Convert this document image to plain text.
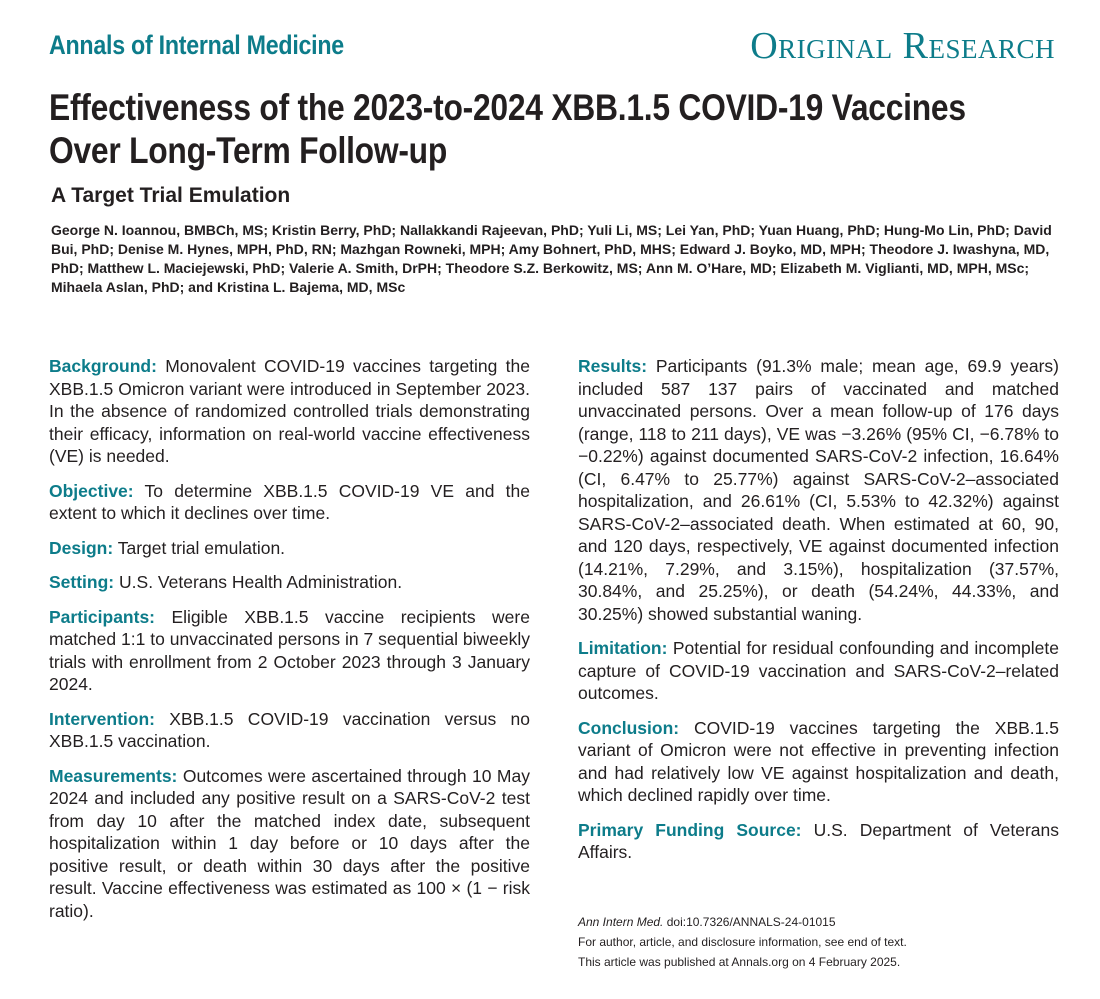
Annals of Internal Medicine	Original Research
Effectiveness of the 2023-to-2024 XBB.1.5 COVID-19 Vaccines Over Long-Term Follow-up
A Target Trial Emulation
George N. Ioannou, BMBCh, MS; Kristin Berry, PhD; Nallakkandi Rajeevan, PhD; Yuli Li, MS; Lei Yan, PhD; Yuan Huang, PhD; Hung-Mo Lin, PhD; David Bui, PhD; Denise M. Hynes, MPH, PhD, RN; Mazhgan Rowneki, MPH; Amy Bohnert, PhD, MHS; Edward J. Boyko, MD, MPH; Theodore J. Iwashyna, MD, PhD; Matthew L. Maciejewski, PhD; Valerie A. Smith, DrPH; Theodore S.Z. Berkowitz, MS; Ann M. O’Hare, MD; Elizabeth M. Viglianti, MD, MPH, MSc; Mihaela Aslan, PhD; and Kristina L. Bajema, MD, MSc

Background: Monovalent COVID-19 vaccines targeting the XBB.1.5 Omicron variant were introduced in September 2023. In the absence of randomized controlled trials demonstrating their efficacy, information on real-world vaccine effectiveness (VE) is needed.

Objective: To determine XBB.1.5 COVID-19 VE and the extent to which it declines over time.

Design: Target trial emulation.

Setting: U.S. Veterans Health Administration.

Participants: Eligible XBB.1.5 vaccine recipients were matched 1:1 to unvaccinated persons in 7 sequential biweekly trials with enrollment from 2 October 2023 through 3 January 2024.

Intervention: XBB.1.5 COVID-19 vaccination versus no XBB.1.5 vaccination.

Measurements: Outcomes were ascertained through 10 May 2024 and included any positive result on a SARS-CoV-2 test from day 10 after the matched index date, subsequent hospitalization within 1 day before or 10 days after the positive result, or death within 30 days after the positive result. Vaccine effectiveness was estimated as 100 × (1 − risk ratio).

Results: Participants (91.3% male; mean age, 69.9 years) included 587 137 pairs of vaccinated and matched unvaccinated persons. Over a mean follow-up of 176 days (range, 118 to 211 days), VE was −3.26% (95% CI, −6.78% to −0.22%) against documented SARS-CoV-2 infection, 16.64% (CI, 6.47% to 25.77%) against SARS-CoV-2–associated hospitalization, and 26.61% (CI, 5.53% to 42.32%) against SARS-CoV-2–associated death. When estimated at 60, 90, and 120 days, respectively, VE against documented infection (14.21%, 7.29%, and 3.15%), hospitalization (37.57%, 30.84%, and 25.25%), or death (54.24%, 44.33%, and 30.25%) showed substantial waning.

Limitation: Potential for residual confounding and incomplete capture of COVID-19 vaccination and SARS-CoV-2–related outcomes.

Conclusion: COVID-19 vaccines targeting the XBB.1.5 variant of Omicron were not effective in preventing infection and had relatively low VE against hospitalization and death, which declined rapidly over time.

Primary Funding Source: U.S. Department of Veterans Affairs.

Ann Intern Med. doi:10.7326/ANNALS-24-01015
For author, article, and disclosure information, see end of text.
This article was published at Annals.org on 4 February 2025.
